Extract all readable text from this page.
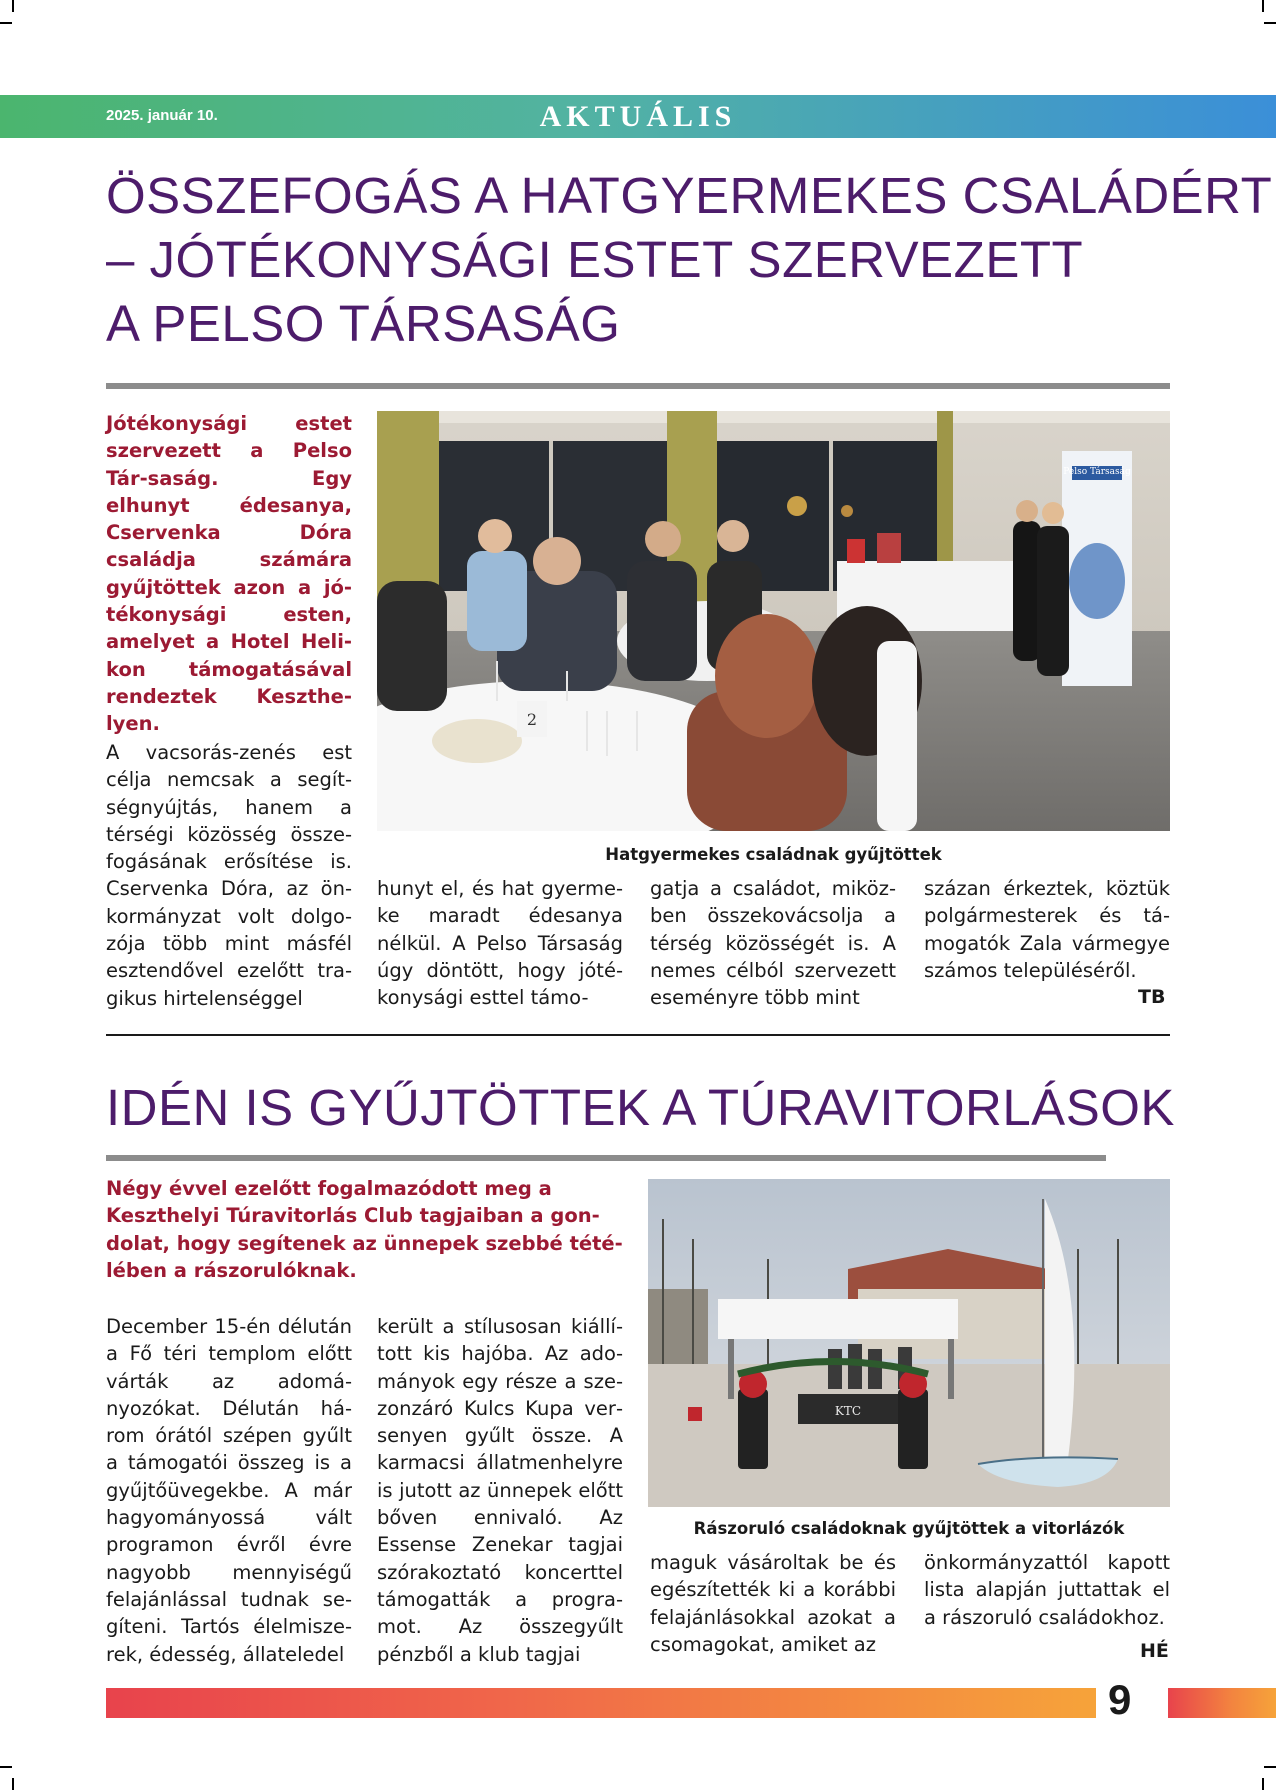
2025. január 10.	AKTUÁLIS
ÖSSZEFOGÁS A HATGYERMEKES CSALÁDÉRT
– JÓTÉKONYSÁGI ESTET SZERVEZETT
A PELSO TÁRSASÁG
Jótékonysági estet szervezett a Pelso Tár-saság. Egy elhunyt édesanya, Cservenka Dóra családja számára gyűjtöttek azon a jótékonysági esten, amelyet a Hotel Helikon támogatásával rendeztek Keszthelyen.
Pelso Társaság
2
Hatgyermekes családnak gyűjtöttek
A vacsorás-zenés est célja nemcsak a segítségnyújtás, hanem a térségi közösség összefogásának erősítése is. Cservenka Dóra, az önkormányzat volt dolgozója több mint másfél esztendővel ezelőtt tragikus hirtelenséggel
hunyt el, és hat gyermeke maradt édesanya nélkül. A Pelso Társaság úgy döntött, hogy jótékonysági esttel támo-
gatja a családot, miközben összekovácsolja a térség közösségét is. A nemes célból szervezett eseményre több mint
százan érkeztek, köztük polgármesterek és támogatók Zala vármegye számos településéről.
TB
IDÉN IS GYŰJTÖTTEK A TÚRAVITORLÁSOK
Négy évvel ezelőtt fogalmazódott meg a Keszthelyi Túravitorlás Club tagjaiban a gondolat, hogy segítenek az ünnepek szebbé tétélében a rászorulóknak.
KTC
Rászoruló családoknak gyűjtöttek a vitorlázók
December 15-én délután a Fő téri templom előtt várták az adományozókat. Délután három órától szépen gyűlt a támogatói összeg is a gyűjtőüvegekbe. A már hagyományossá vált programon évről évre nagyobb mennyiségű felajánlással tudnak segíteni. Tartós élelmiszerek, édesség, állateledel
került a stílusosan kiállított kis hajóba. Az adományok egy része a szezonzáró Kulcs Kupa versenyen gyűlt össze. A karmacsi állatmenhelyre is jutott az ünnepek előtt bőven ennivaló. Az Essense Zenekar tagjai szórakoztató koncerttel támogatták a programot. Az összegyűlt pénzből a klub tagjai
maguk vásároltak be és egészítették ki a korábbi felajánlásokkal azokat a csomagokat, amiket az
önkormányzattól kapott lista alapján juttattak el a rászoruló családokhoz.
HÉ
9
